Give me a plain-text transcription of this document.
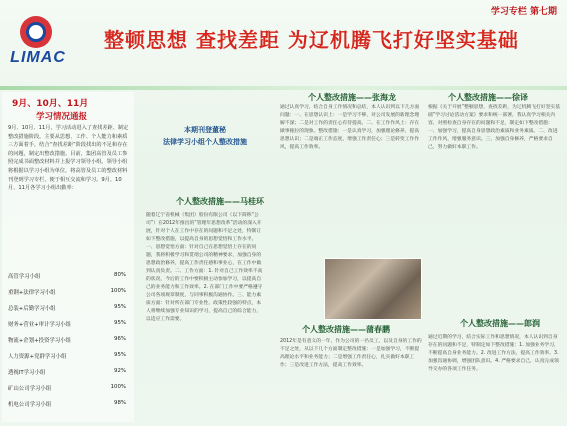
LIMAC
学习专栏 第七期
整顿思想 查找差距 为辽机腾飞打好坚实基础
9月、10月、11月
学习情况通报
9月、10月、11月，学习活动进入了查找差距、制定整改措施阶段。主要从思想、工作、个人能力和素质三方面着手，结合“查找差距”阶段找出的不足和存在的问题，制定出整改措施。目前，集团高管及员工参照完成书面整改材料并上报学习领导小组。领导小组将根据以学习小组为单位，将高管及员工的整改材料刊登到学习专栏，便于相互交流和学习。9月、10月、11月各学习小组出勤率：
高管学习小组	80%
重钢+法律学习小组	100%
总装+后勤学习小组	95%
财务+营业+审计学习小组	95%
物流+企划+投资学习小组	96%
人力资源+党群学习小组	95%
透视IT学习小组	92%
矿山公司学习小组	100%
机电公司学习小组	98%
本期刊登董秘
法律学习小组个人整改措施
个人整改措施——马桂环
随着辽宁省机械（集团）股份有限公司（以下简称“公司”）在2012年推出的“管理年思想改革”活动的深入开展，针对个人在工作中存在的问题和不足之处，特制订如下整改措施，以提高自身的思想觉悟和工作水平。一、思想觉悟方面：针对自己在思想觉悟上存在的问题，我将积极学习和贯彻公司的精神要求，加强自身的思想政治修养，提高工作责任感和事业心，在工作中做到认真负责。二、工作方面：1. 针对自己工作效率不高的状况，今后的工作中要积极主动参加学习，以提高自己的业务能力和工作效率。2. 在部门工作中要严格遵守公司各项规章制度，与同事积极沟通协作。三、能力素质方面：针对所在部门专业性、政策性较强的特点，本人将继续加强专业知识的学习，提高自己的综合能力，以适应工作需要。
个人整改措施——张海龙
通过认真学习，结合自身工作情况和总结，本人认识到以下几方面问题：一、在思想认识上：一是学习不够，对公司发展的新理念理解不深；二是对工作的责任心有待提高。二、在工作作风上：存在做事拖拉的现象。整改措施：一是认真学习，加强理论修养，提高思想认识；二是端正工作态度，增强工作责任心；三是转变工作作风，提高工作效率。
个人整改措施——徐译
根据《关于开展“整顿思想、查找差距，为辽机腾飞打好坚实基础”学习讨论活动方案》要求和统一部署，我认真学习相关内容，对照检查自身存在的问题和不足，制定如下整改措施：一、加强学习，提高自身思想政治素质和业务素质。二、改进工作作风，增强服务意识。三、加强自身修养，严格要求自己，努力做好本职工作。
个人整改措施——蒲春鹏
2012年是有意义的一年，作为公司的一名员工，以及自身的工作的不足之处，从以下几个方面制定整改措施：一是加强学习，不断提高理论水平和业务能力；二是增强工作责任心，扎实做好本职工作；三是改进工作方法，提高工作效率。
个人整改措施——郎润
通过近期的学习，结合实际工作和思想情况，本人认识到自身存在的问题和不足，特制定如下整改措施：1. 加强业务学习，不断提高自身业务能力。2. 改进工作方法，提高工作效率。3. 加强沟通协调，增强团队意识。4. 严格要求自己，认真完成领导交办的各项工作任务。
